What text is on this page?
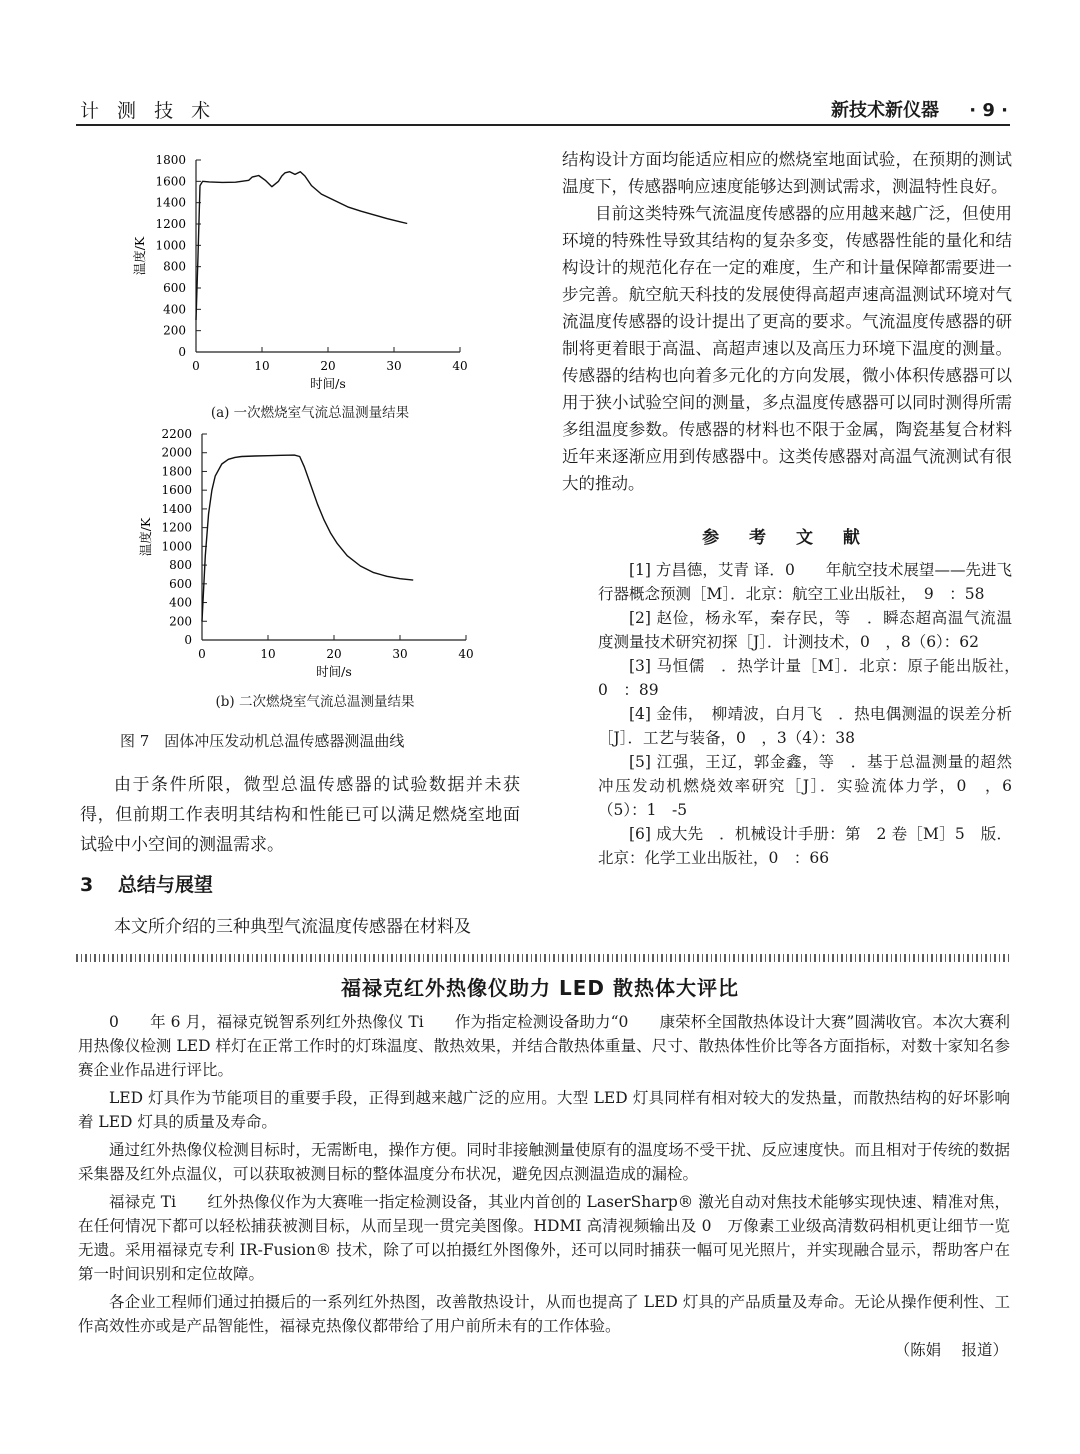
计 测 技 术	新技术新仪器 · 9 ·
0
200
400
600
800
1000
1200
1400
1600
1800
0	10	20	30	40
时间/s
温度/K
(a) 一次燃烧室气流总温测量结果
0
200
400
600
800
1000
1200
1400
1600
1800
2000
2200
0	10	20	30	40
时间/s
温度/K
(b) 二次燃烧室气流总温测量结果
图 7　固体冲压发动机总温传感器测温曲线

由于条件所限，微型总温传感器的试验数据并未获得，但前期工作表明其结构和性能已可以满足燃烧室地面试验中小空间的测温需求。

3 总结与展望
本文所介绍的三种典型气流温度传感器在材料及

结构设计方面均能适应相应的燃烧室地面试验，在预期的测试温度下，传感器响应速度能够达到测试需求，测温特性良好。

目前这类特殊气流温度传感器的应用越来越广泛，但使用环境的特殊性导致其结构的复杂多变，传感器性能的量化和结构设计的规范化存在一定的难度，生产和计量保障都需要进一步完善。航空航天科技的发展使得高超声速高温测试环境对气流温度传感器的设计提出了更高的要求。气流温度传感器的研制将更着眼于高温、高超声速以及高压力环境下温度的测量。传感器的结构也向着多元化的方向发展，微小体积传感器可以用于狭小试验空间的测量，多点温度传感器可以同时测得所需多组温度参数。传感器的材料也不限于金属，陶瓷基复合材料近年来逐渐应用到传感器中。这类传感器对高温气流测试有很大的推动。

参 考 文 献

[1] 方昌德，艾青 译．0　　年航空技术展望——先进飞行器概念预测［M］．北京：航空工业出版社，　9　：58

[2] 赵俭，杨永军，秦存民，等　．瞬态超高温气流温度测量技术研究初探［J］．计测技术，0　，8（6）：62

[3] 马恒儒　．热学计量［M］．北京：原子能出版社，　0　：89

[4] 金伟，　柳靖波，白月飞　．热电偶测温的误差分析［J］．工艺与装备，0　，3（4）：38

[5] 江强，王辽，郭金鑫，等　．基于总温测量的超然冲压发动机燃烧效率研究［J］．实验流体力学，0　，6（5）：1　-5

[6] 成大先　．机械设计手册：第　2 卷［M］5　版．北京：化学工业出版社，0　：66

福禄克红外热像仪助力 LED 散热体大评比

0　　年 6 月，福禄克锐智系列红外热像仪 Ti　　作为指定检测设备助力“0　　康荣杯全国散热体设计大赛”圆满收官。本次大赛利用热像仪检测 LED 样灯在正常工作时的灯珠温度、散热效果，并结合散热体重量、尺寸、散热体性价比等各方面指标，对数十家知名参赛企业作品进行评比。

LED 灯具作为节能项目的重要手段，正得到越来越广泛的应用。大型 LED 灯具同样有相对较大的发热量，而散热结构的好坏影响着 LED 灯具的质量及寿命。

通过红外热像仪检测目标时，无需断电，操作方便。同时非接触测量使原有的温度场不受干扰、反应速度快。而且相对于传统的数据采集器及红外点温仪，可以获取被测目标的整体温度分布状况，避免因点测温造成的漏检。

福禄克 Ti　　红外热像仪作为大赛唯一指定检测设备，其业内首创的 LaserSharp® 激光自动对焦技术能够实现快速、精准对焦，在任何情况下都可以轻松捕获被测目标，从而呈现一贯完美图像。HDMI 高清视频输出及 0　万像素工业级高清数码相机更让细节一览无遗。采用福禄克专利 IR-Fusion® 技术，除了可以拍摄红外图像外，还可以同时捕获一幅可见光照片，并实现融合显示，帮助客户在第一时间识别和定位故障。

各企业工程师们通过拍摄后的一系列红外热图，改善散热设计，从而也提高了 LED 灯具的产品质量及寿命。无论从操作便利性、工作高效性亦或是产品智能性，福禄克热像仪都带给了用户前所未有的工作体验。

（陈娟　 报道）
